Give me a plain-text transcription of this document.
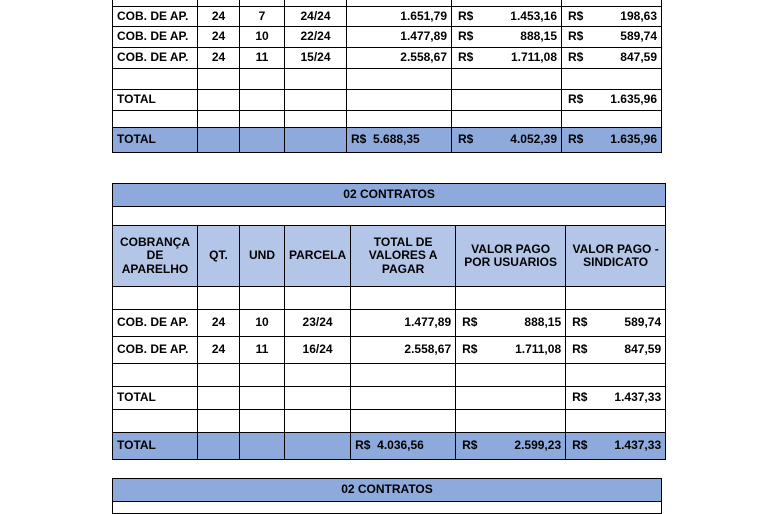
COB. DE AP.	24	7	24/24	1.651,79	R$ 1.453,16	R$ 198,63

COB. DE AP.	24	10	22/24	1.477,89	R$ 888,15	R$ 589,74

COB. DE AP.	24	11	15/24	2.558,67	R$ 1.711,08	R$ 847,59

TOTAL						R$ 1.635,96

TOTAL				R$ 5.688,35	R$ 4.052,39	R$ 1.635,96
02 CONTRATOS						

COBRANÇA DE APARELHO	QT.	UND	PARCELA	TOTAL DE VALORES A PAGAR	VALOR PAGO POR USUARIOS	VALOR PAGO - SINDICATO

COB. DE AP.	24	10	23/24	1.477,89	R$ 888,15	R$ 589,74

COB. DE AP.	24	11	16/24	2.558,67	R$ 1.711,08	R$ 847,59

TOTAL						R$ 1.437,33

TOTAL				R$ 4.036,56	R$ 2.599,23	R$ 1.437,33
02 CONTRATOS
